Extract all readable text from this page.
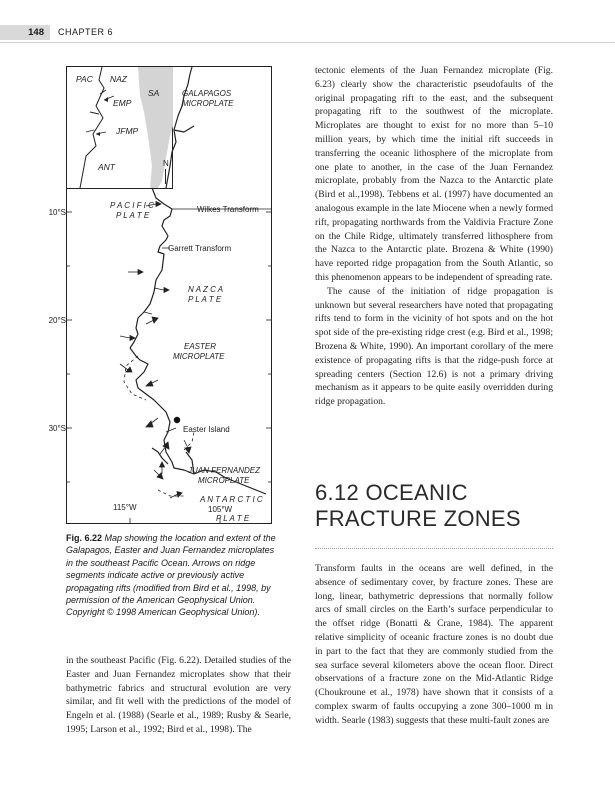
148	CHAPTER 6
PAC NAZ
SA
EMP
JFMP
ANT	N
10°S
20°S
30°S
GALAPAGOS
MICROPLATE
P A C I F I C
P L A T E
Wilkes Transform
Garrett Transform
N A Z C A
P L A T E
EASTER
MICROPLATE
Easter Island
JUAN FERNANDEZ
MICROPLATE
A N T A R C T I C
P L A T E
115°W	105°W
Fig. 6.22 Map showing the location and extent of the Galapagos, Easter and Juan Fernandez microplates in the southeast Pacific Ocean. Arrows on ridge segments indicate active or previously active propagating rifts (modified from Bird et al., 1998, by permission of the American Geophysical Union. Copyright © 1998 American Geophysical Union).

in the southeast Pacific (Fig. 6.22). Detailed studies of the Easter and Juan Fernandez microplates show that their bathymetric fabrics and structural evolution are very similar, and fit well with the predictions of the model of Engeln et al. (1988) (Searle et al., 1989; Rusby & Searle, 1995; Larson et al., 1992; Bird et al., 1998). The

tectonic elements of the Juan Fernandez microplate (Fig. 6.23) clearly show the characteristic pseudofaults of the original propagating rift to the east, and the subsequent propagating rift to the southwest of the microplate. Microplates are thought to exist for no more than 5–10 million years, by which time the initial rift succeeds in transferring the oceanic lithosphere of the microplate from one plate to another, in the case of the Juan Fernandez microplate, probably from the Nazca to the Antarctic plate (Bird et al.,1998). Tebbens et al. (1997) have documented an analogous example in the late Miocene when a newly formed rift, propagating northwards from the Valdivia Fracture Zone on the Chile Ridge, ultimately transferred lithosphere from the Nazca to the Antarctic plate. Brozena & White (1990) have reported ridge propagation from the South Atlantic, so this phenomenon appears to be independent of spreading rate.

The cause of the initiation of ridge propagation is unknown but several researchers have noted that propagating rifts tend to form in the vicinity of hot spots and on the hot spot side of the pre-existing ridge crest (e.g. Bird et al., 1998; Brozena & White, 1990). An important corollary of the mere existence of propagating rifts is that the ridge-push force at spreading centers (Section 12.6) is not a primary driving mechanism as it appears to be quite easily overridden during ridge propagation.

6.12 OCEANIC
FRACTURE ZONES

Transform faults in the oceans are well defined, in the absence of sedimentary cover, by fracture zones. These are long, linear, bathymetric depressions that normally follow arcs of small circles on the Earth’s surface perpendicular to the offset ridge (Bonatti & Crane, 1984). The apparent relative simplicity of oceanic fracture zones is no doubt due in part to the fact that they are commonly studied from the sea surface several kilometers above the ocean floor. Direct observations of a fracture zone on the Mid-Atlantic Ridge (Choukroune et al., 1978) have shown that it consists of a complex swarm of faults occupying a zone 300–1000 m in width. Searle (1983) suggests that these multi-fault zones are
